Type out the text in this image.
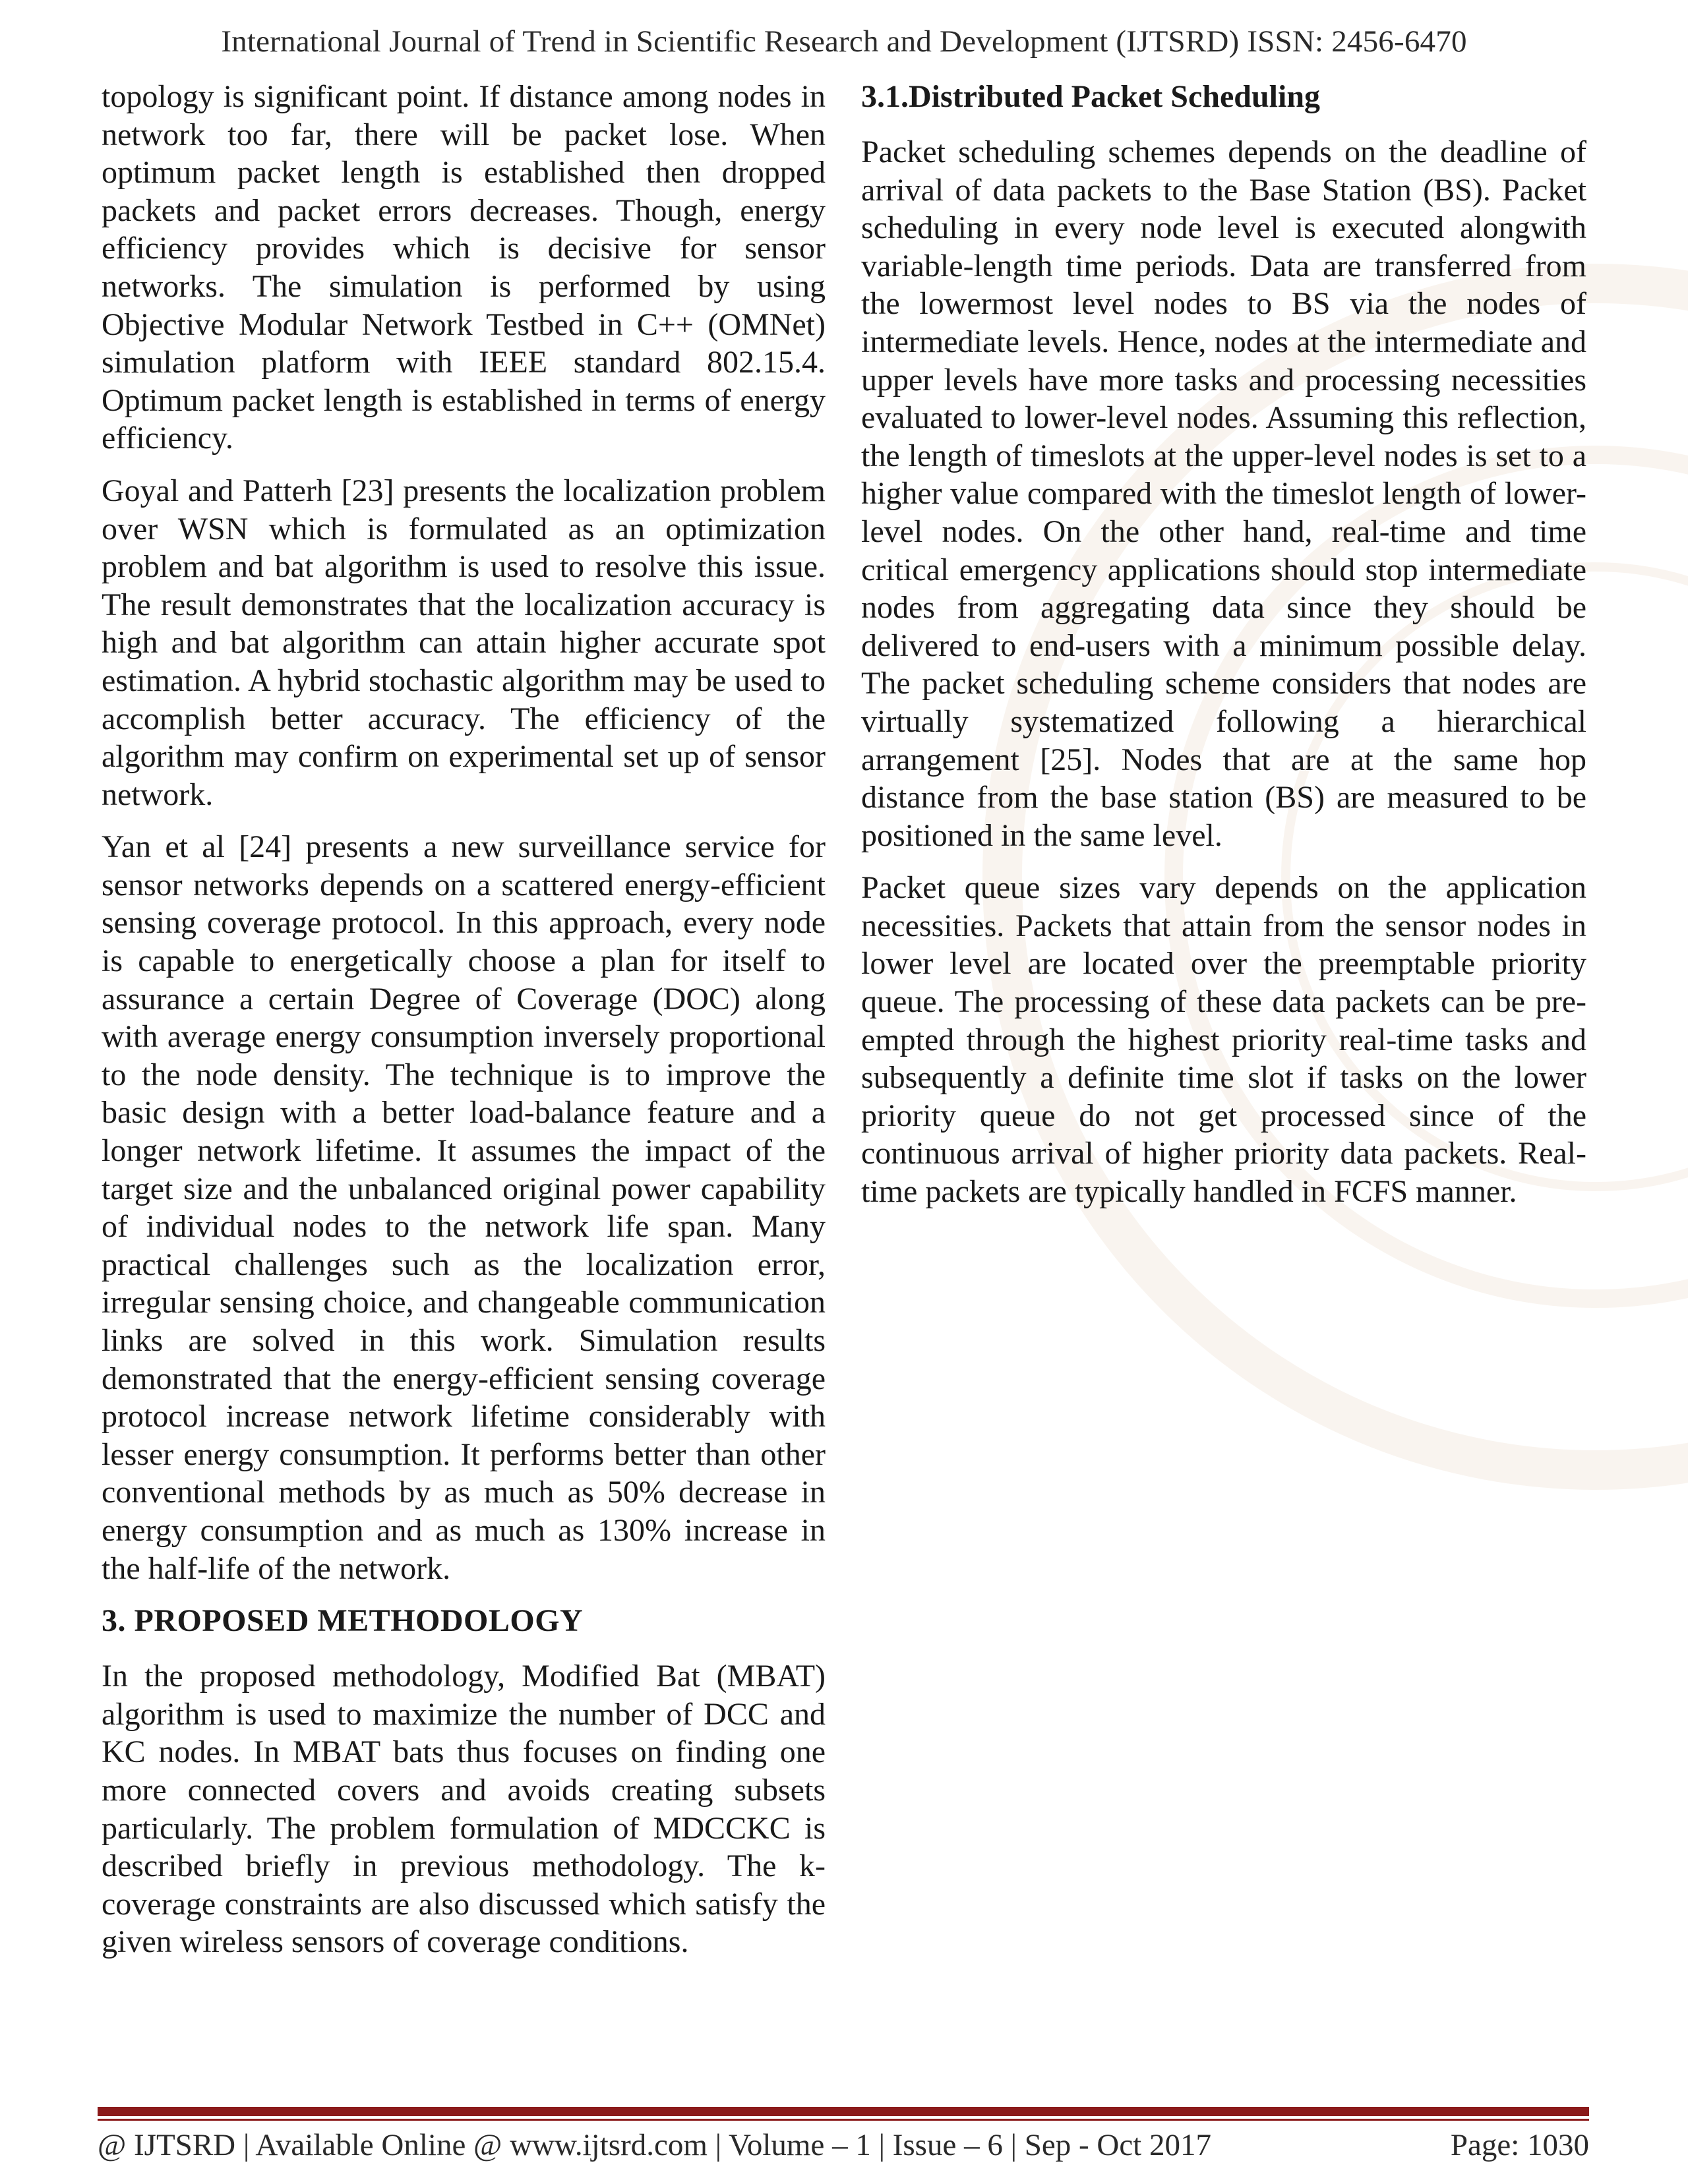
International Journal of Trend in Scientific Research and Development (IJTSRD) ISSN: 2456-6470

topology is significant point. If distance among nodes in network too far, there will be packet lose. When optimum packet length is established then dropped packets and packet errors decreases. Though, energy efficiency provides which is decisive for sensor networks. The simulation is performed by using Objective Modular Network Testbed in C++ (OMNet) simulation platform with IEEE standard 802.15.4. Optimum packet length is established in terms of energy efficiency.

Goyal and Patterh [23] presents the localization problem over WSN which is formulated as an optimization problem and bat algorithm is used to resolve this issue. The result demonstrates that the localization accuracy is high and bat algorithm can attain higher accurate spot estimation. A hybrid stochastic algorithm may be used to accomplish better accuracy. The efficiency of the algorithm may confirm on experimental set up of sensor network.

Yan et al [24] presents a new surveillance service for sensor networks depends on a scattered energy-efficient sensing coverage protocol. In this approach, every node is capable to energetically choose a plan for itself to assurance a certain Degree of Coverage (DOC) along with average energy consumption inversely proportional to the node density. The technique is to improve the basic design with a better load-balance feature and a longer network lifetime. It assumes the impact of the target size and the unbalanced original power capability of individual nodes to the network life span. Many practical challenges such as the localization error, irregular sensing choice, and changeable communication links are solved in this work. Simulation results demonstrated that the energy-efficient sensing coverage protocol increase network lifetime considerably with lesser energy consumption. It performs better than other conventional methods by as much as 50% decrease in energy consumption and as much as 130% increase in the half-life of the network.

3. PROPOSED METHODOLOGY

In the proposed methodology, Modified Bat (MBAT) algorithm is used to maximize the number of DCC and KC nodes. In MBAT bats thus focuses on finding one more connected covers and avoids creating subsets particularly. The problem formulation of MDCCKC is described briefly in previous methodology. The k-coverage constraints are also discussed which satisfy the given wireless sensors of coverage conditions.

3.1.Distributed Packet Scheduling

Packet scheduling schemes depends on the deadline of arrival of data packets to the Base Station (BS). Packet scheduling in every node level is executed alongwith variable-length time periods. Data are transferred from the lowermost level nodes to BS via the nodes of intermediate levels. Hence, nodes at the intermediate and upper levels have more tasks and processing necessities evaluated to lower-level nodes. Assuming this reflection, the length of timeslots at the upper-level nodes is set to a higher value compared with the timeslot length of lower-level nodes. On the other hand, real-time and time critical emergency applications should stop intermediate nodes from aggregating data since they should be delivered to end-users with a minimum possible delay. The packet scheduling scheme considers that nodes are virtually systematized following a hierarchical arrangement [25]. Nodes that are at the same hop distance from the base station (BS) are measured to be positioned in the same level.

Packet queue sizes vary depends on the application necessities. Packets that attain from the sensor nodes in lower level are located over the preemptable priority queue. The processing of these data packets can be pre-empted through the highest priority real-time tasks and subsequently a definite time slot if tasks on the lower priority queue do not get processed since of the continuous arrival of higher priority data packets. Real-time packets are typically handled in FCFS manner.

@ IJTSRD | Available Online @ www.ijtsrd.com | Volume – 1 | Issue – 6 | Sep - Oct 2017	Page: 1030
